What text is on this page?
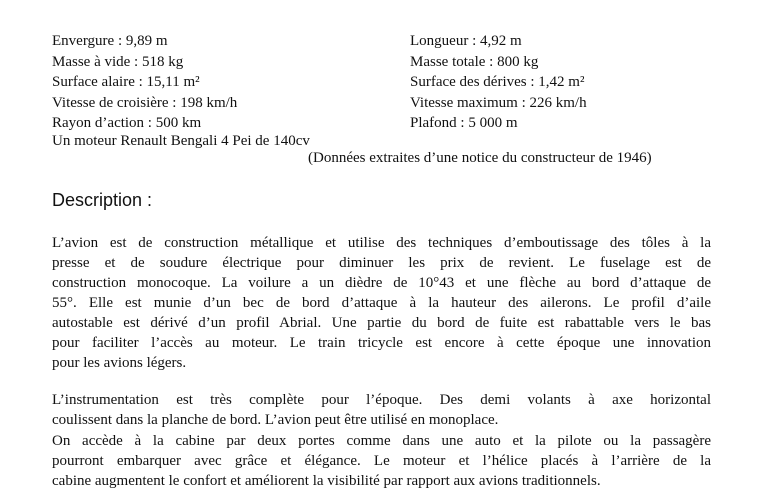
Envergure : 9,89 m
Masse à vide : 518 kg
Surface alaire : 15,11 m²
Vitesse de croisière : 198 km/h
Rayon d’action : 500 km
Un moteur Renault Bengali 4 Pei de 140cv
Longueur : 4,92 m
Masse totale : 800 kg
Surface des dérives : 1,42 m²
Vitesse maximum : 226 km/h
Plafond : 5 000 m
(Données extraites d’une notice du constructeur de 1946)
Description :
L’avion est de construction métallique et utilise des techniques d’emboutissage des tôles à la
presse et de soudure électrique pour diminuer les prix de revient. Le fuselage est de
construction monocoque. La voilure a un dièdre de 10°43 et une flèche au bord d’attaque de
55°. Elle est munie d’un bec de bord d’attaque à la hauteur des ailerons. Le profil d’aile
autostable est dérivé d’un profil Abrial. Une partie du bord de fuite est rabattable vers le bas
pour faciliter l’accès au moteur. Le train tricycle est encore à cette époque une innovation
pour les avions légers.
L’instrumentation est très complète pour l’époque. Des demi volants à axe horizontal
coulissent dans la planche de bord. L’avion peut être utilisé en monoplace.
On accède à la cabine par deux portes comme dans une auto et la pilote ou la passagère
pourront embarquer avec grâce et élégance. Le moteur et l’hélice placés à l’arrière de la
cabine augmentent le confort et améliorent la visibilité par rapport aux avions traditionnels.
